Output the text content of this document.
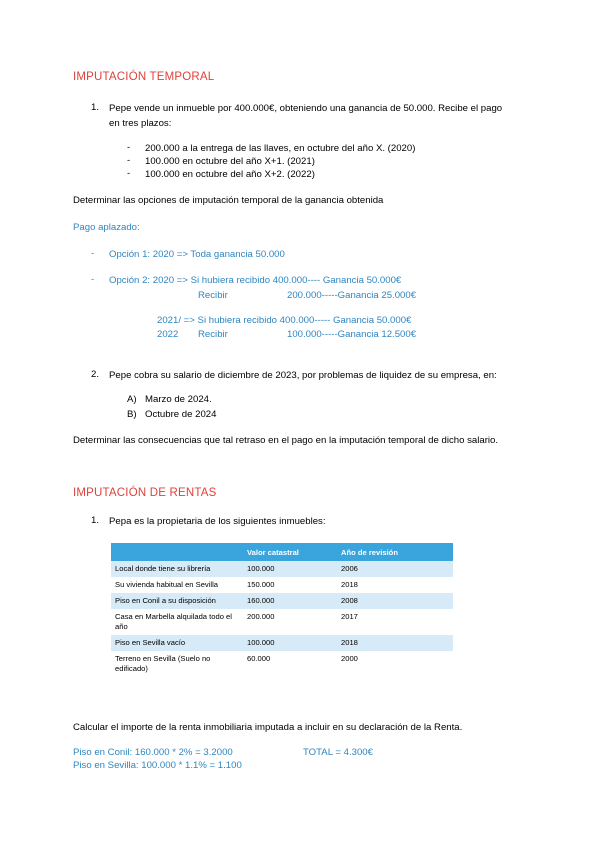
IMPUTACIÓN TEMPORAL
1. Pepe vende un inmueble por 400.000€, obteniendo una ganancia de 50.000. Recibe el pago
en tres plazos:
- 200.000 a la entrega de las llaves, en octubre del año X. (2020)
- 100.000 en octubre del año X+1. (2021)
- 100.000 en octubre del año X+2. (2022)
Determinar las opciones de imputación temporal de la ganancia obtenida
Pago aplazado:
- Opción 1: 2020 => Toda ganancia 50.000
- Opción 2: 2020 => Si hubiera recibido 400.000---- Ganancia 50.000€
Recibir	200.000-----Ganancia 25.000€
2021/ => Si hubiera recibido 400.000----- Ganancia 50.000€
2022 Recibir	100.000-----Ganancia 12.500€
2. Pepe cobra su salario de diciembre de 2023, por problemas de liquidez de su empresa, en:
A) Marzo de 2024.
B) Octubre de 2024
Determinar las consecuencias que tal retraso en el pago en la imputación temporal de dicho salario.
IMPUTACIÓN DE RENTAS
1. Pepa es la propietaria de los siguientes inmuebles:
	Valor catastral	Año de revisión
Local donde tiene su librería	100.000	2006
Su vivienda habitual en Sevilla	150.000	2018
Piso en Conil a su disposición	160.000	2008
Casa en Marbella alquilada todo el año	200.000	2017
Piso en Sevilla vacío	100.000	2018
Terreno en Sevilla (Suelo no edificado)	60.000	2000
Calcular el importe de la renta inmobiliaria imputada a incluir en su declaración de la Renta.
Piso en Conil: 160.000 * 2% = 3.2000	TOTAL = 4.300€
Piso en Sevilla: 100.000 * 1.1% = 1.100
